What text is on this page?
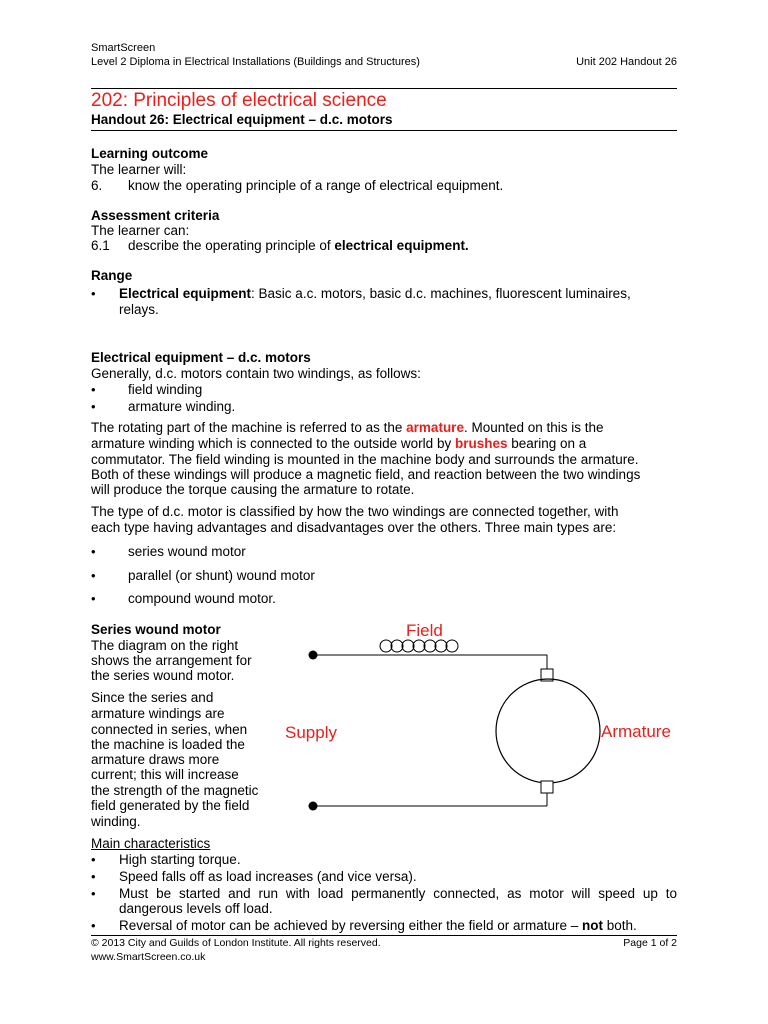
SmartScreen
Level 2 Diploma in Electrical Installations (Buildings and Structures)	Unit 202 Handout 26
202: Principles of electrical science
Handout 26: Electrical equipment – d.c. motors
Learning outcome
The learner will:
6. know the operating principle of a range of electrical equipment.
Assessment criteria
The learner can:
6.1 describe the operating principle of electrical equipment.
Range
• Electrical equipment: Basic a.c. motors, basic d.c. machines, fluorescent luminaires,
relays.
Electrical equipment – d.c. motors
Generally, d.c. motors contain two windings, as follows:
• field winding
• armature winding.
The rotating part of the machine is referred to as the armature. Mounted on this is the
armature winding which is connected to the outside world by brushes bearing on a
commutator. The field winding is mounted in the machine body and surrounds the armature.
Both of these windings will produce a magnetic field, and reaction between the two windings
will produce the torque causing the armature to rotate.
The type of d.c. motor is classified by how the two windings are connected together, with
each type having advantages and disadvantages over the others. Three main types are:
• series wound motor
• parallel (or shunt) wound motor
• compound wound motor.
Series wound motor
The diagram on the right
shows the arrangement for
the series wound motor.
Since the series and
armature windings are
connected in series, when
the machine is loaded the
armature draws more
current; this will increase
the strength of the magnetic
field generated by the field
winding.
Field
Supply	Armature
Main characteristics
• High starting torque.
• Speed falls off as load increases (and vice versa).
• Must be started and run with load permanently connected, as motor will speed up to
dangerous levels off load.
• Reversal of motor can be achieved by reversing either the field or armature – not both.
© 2013 City and Guilds of London Institute. All rights reserved.	Page 1 of 2
www.SmartScreen.co.uk
